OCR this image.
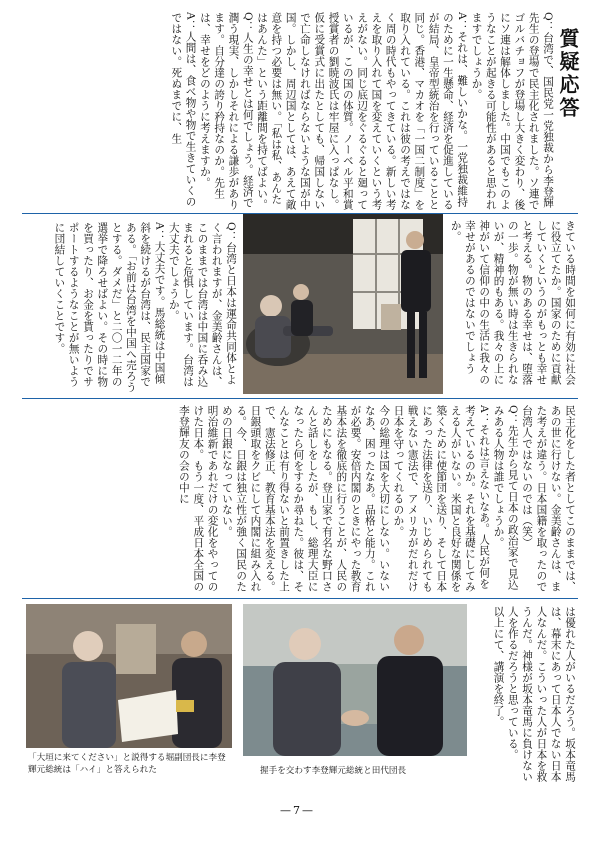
質疑応答
Q：台湾で、国民党一党独裁から李登輝先生の登場で民主化されました。ソ連でゴルバチョフが登場し大きく変わり、後にソ連は解体しました。中国でもこのようなことが起きる可能性があると思われますでしょうか。
A：それは、難しいかな。一党独裁維持のために一生懸命、経済を促進しているが結局、皇帝型統治を行っていることと同じ。香港、マカオを「一国二制度」を取り入れている。これは彼の考えではなく周の時代もやってきている。新しい考えを取り入れて国を変えていくという考えがない。同じ底辺をぐるぐると廻っているが、この国の体質。ノーベル平和賞授賞者の劉暁波氏は牢屋に入っぱなし。仮に受賞式に出たとしても、帰国しないで亡命しなければならないような国が中国。しかし、周辺国としては、あえて敵意を持つ必要は無い。「私は私、あんたはあんた」という距離間を持てばよい。
Q：人生の幸せとは何でしょう。経済で潤う現実、しかしそれによる謙歩があります。自分達の誇り矜持なのか。先生は、幸せをどのように考えますか。
A：人間は、食べ物や物で生きていくのではない。死ぬまでに、生
きている時間を如何に有効に社会に役立てたか。国家のために貢献していくというのがもっとも幸せと考える。物のある幸せは、堕落の一歩。物が無い時は生きられないが、精神的もある。我々の上に神がいて信仰の中の生活に我々の幸せがあるのではないでしょうか。
Q：台湾と日本は運命共同体とよく言われますが、金美齢さんは、このままでは台湾は中国に呑み込まれると危惧しています。台湾は大丈夫でしょうか。
A：大丈夫です。馬総統は中国傾斜を続けるが台湾は、民主国家である。「お前は台湾を中国へ売ろうとする。ダメだ」と二〇一二年の選挙で降ろせばよい。その時に物を買ったり、お金を貰ったりでサポートするようなことが無いように団結していくことです。
民主化をした者としてこのままでは、あの世に行けない。金美齢さんは、また考えが違う。日本国籍を取ったので台湾人ではないのでは（笑）
Q：先生から見て日本の政治家で見込みある人物は誰でしょうか。
A：それは言えないなあ。人民が何を考えているのか。それを基礎にしてみえる人がいない。米国と良好な関係を築くために使節団を送り、そして日本にあった法律を送り、いじめられても戦えない憲法で、アメリカがだれだけ日本を守ってくれるのか。
今の総理は国を大切にしない。いないなあ、困ったなあ。品格と能力。これが必要。安倍内閣のときにやった教育基本法を徹底的に行うことが、人民のためにもなる。登山家で有名な野口さんと話しをしたが、もし、総理大臣になったら何をするか尋ねた。彼は、そんなことは有り得ないと前置きした上で、憲法修正、教育基本法を変える。日銀頭取をクビにして内閣に組み入れる。今、日銀は独立性が強く国民のための日銀になっていない。
明治維新であれだけの変化をやってのけた日本。もう一度、平成日本全国の李登輝友の会の中に
「大垣に来てください」と説得する堀副団長に李登輝元総統は「ハイ」と答えられた	握手を交わす李登輝元総統と田代団長	は優れた人がいるだろう。坂本竜馬は、幕末にあって日本人でない日本人なんだ。こういった人が日本を救うんだ。神様が坂本竜馬に負けない人を作るだろうと思っている。
以上にて、講演を終了。
—7—
